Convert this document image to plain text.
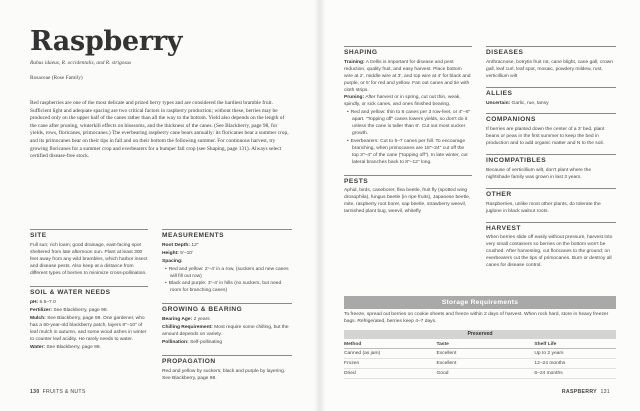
Raspberry
Rubus idaeus, R. occidentalis, and R. strigosus
Rosaceae (Rose Family)
Red raspberries are one of the most delicate and prized berry types and are considered the hardiest bramble fruit. Sufficient light and adequate spacing are two critical factors in raspberry production; without these, berries may be produced only on the upper half of the canes rather than all the way to the bottom. Yield also depends on the length of the cane after pruning, winterkill effects on blossoms, and the thickness of the canes. (See Blackberry, page 98, for yields, rows, floricanes, primocanes.) The everbearing raspberry cane bears annually: its floricanes bear a summer crop, and its primocanes bear on their tips in fall and on their bottom the following summer. For continuous harvest, try growing floricanes for a summer crop and everbearers for a bumper fall crop (see Shaping, page 131). Always select certified disease-free stock.
SITE

Full sun; rich loam; good drainage, east-facing spot sheltered from late afternoon sun. Plant at least 300 feet away from any wild brambles, which harbor insect and disease pests. Also keep at a distance from different types of berries to minimize cross-pollination.

SOIL & WATER NEEDS

pH: 5.5–7.0

Fertilizer: See Blackberry, page 98.

Mulch: See Blackberry, page 98. One gardener, who has a 60-year-old blackberry patch, layers 8"–10" of leaf mulch in autumn, and some wood ashes in winter to counter leaf acidity. He rarely needs to water.

Water: See Blackberry, page 98.

MEASUREMENTS

Root Depth: 12"

Height: 5'–10'

Spacing:

• Red and yellow: 2'–4' in a row, (suckers and new canes will fill out row)

• Black and purple: 3'–4' in hills (no suckers, but need room for branching canes)

GROWING & BEARING

Bearing Age: 2 years

Chilling Requirement: Most require some chilling, but the amount depends on variety.

Pollination: Self-pollinating

PROPAGATION

Red and yellow by suckers; black and purple by layering. See Blackberry, page 98.

130 FRUITS & NUTS
SHAPING

Training: A trellis is important for disease and pest reduction, quality fruit, and easy harvest. Place bottom wire at 2', middle wire at 3', and top wire at 4' for black and purple, or 5' for red and yellow. Fan out canes and tie with cloth strips.

Pruning: After harvest or in spring, cut out thin, weak, spindly, or sick canes, and ones finished bearing.

• Red and yellow: thin to 8 canes per 3 row-feet, or 4"–6" apart. "Topping off" canes lowers yields, so don't do it unless the cane is taller than 6'. Cut out most sucker growth.

• Everbearers: Cut to 5–7 canes per hill. To encourage branching, when primocanes are 18"–24" cut off the top 3"–4" of the cane ("topping off"). In late winter, cut lateral branches back to 8"–12" long.

PESTS

Aphid, birds, caneborer, flea beetle, fruit fly (spotted wing drosophila), fungus beetle (in ripe fruits), Japanese beetle, mite, raspberry root borer, sap beetle, strawberry weevil, tarnished plant bug, weevil, whitefly

DISEASES

Anthracnose, botrytis fruit rot, cane blight, cane gall, crown gall, leaf curl, leaf spot, mosaic, powdery mildew, rust, verticillium wilt

ALLIES

Uncertain: Garlic, rue, tansy

COMPANIONS

If berries are planted down the center of a 3' bed, plant beans or peas in the first summer to keep the bed in production and to add organic matter and N to the soil.

INCOMPATIBLES

Because of verticillium wilt, don't plant where the nightshade family was grown in last 3 years.

OTHER

Raspberries, unlike most other plants, do tolerate the juglone in black walnut roots.

HARVEST

When berries slide off easily without pressure, harvest into very small containers so berries on the bottom won't be crushed. After harvesting, cut floricanes to the ground; on everbearers cut the tips of primocanes. Burn or destroy all canes for disease control.

RASPBERRY 131
Storage Requirements
To freeze, spread out berries on cookie sheets and freeze within 2 days of harvest. When rock hard, store in heavy freezer bags. Refrigerated, berries keep 4–7 days.
Preserved
Method	Taste	Shelf Life
Canned (as jam)	Excellent	Up to 2 years
Frozen	Excellent	12–24 months
Dried	Good	6–24 months
